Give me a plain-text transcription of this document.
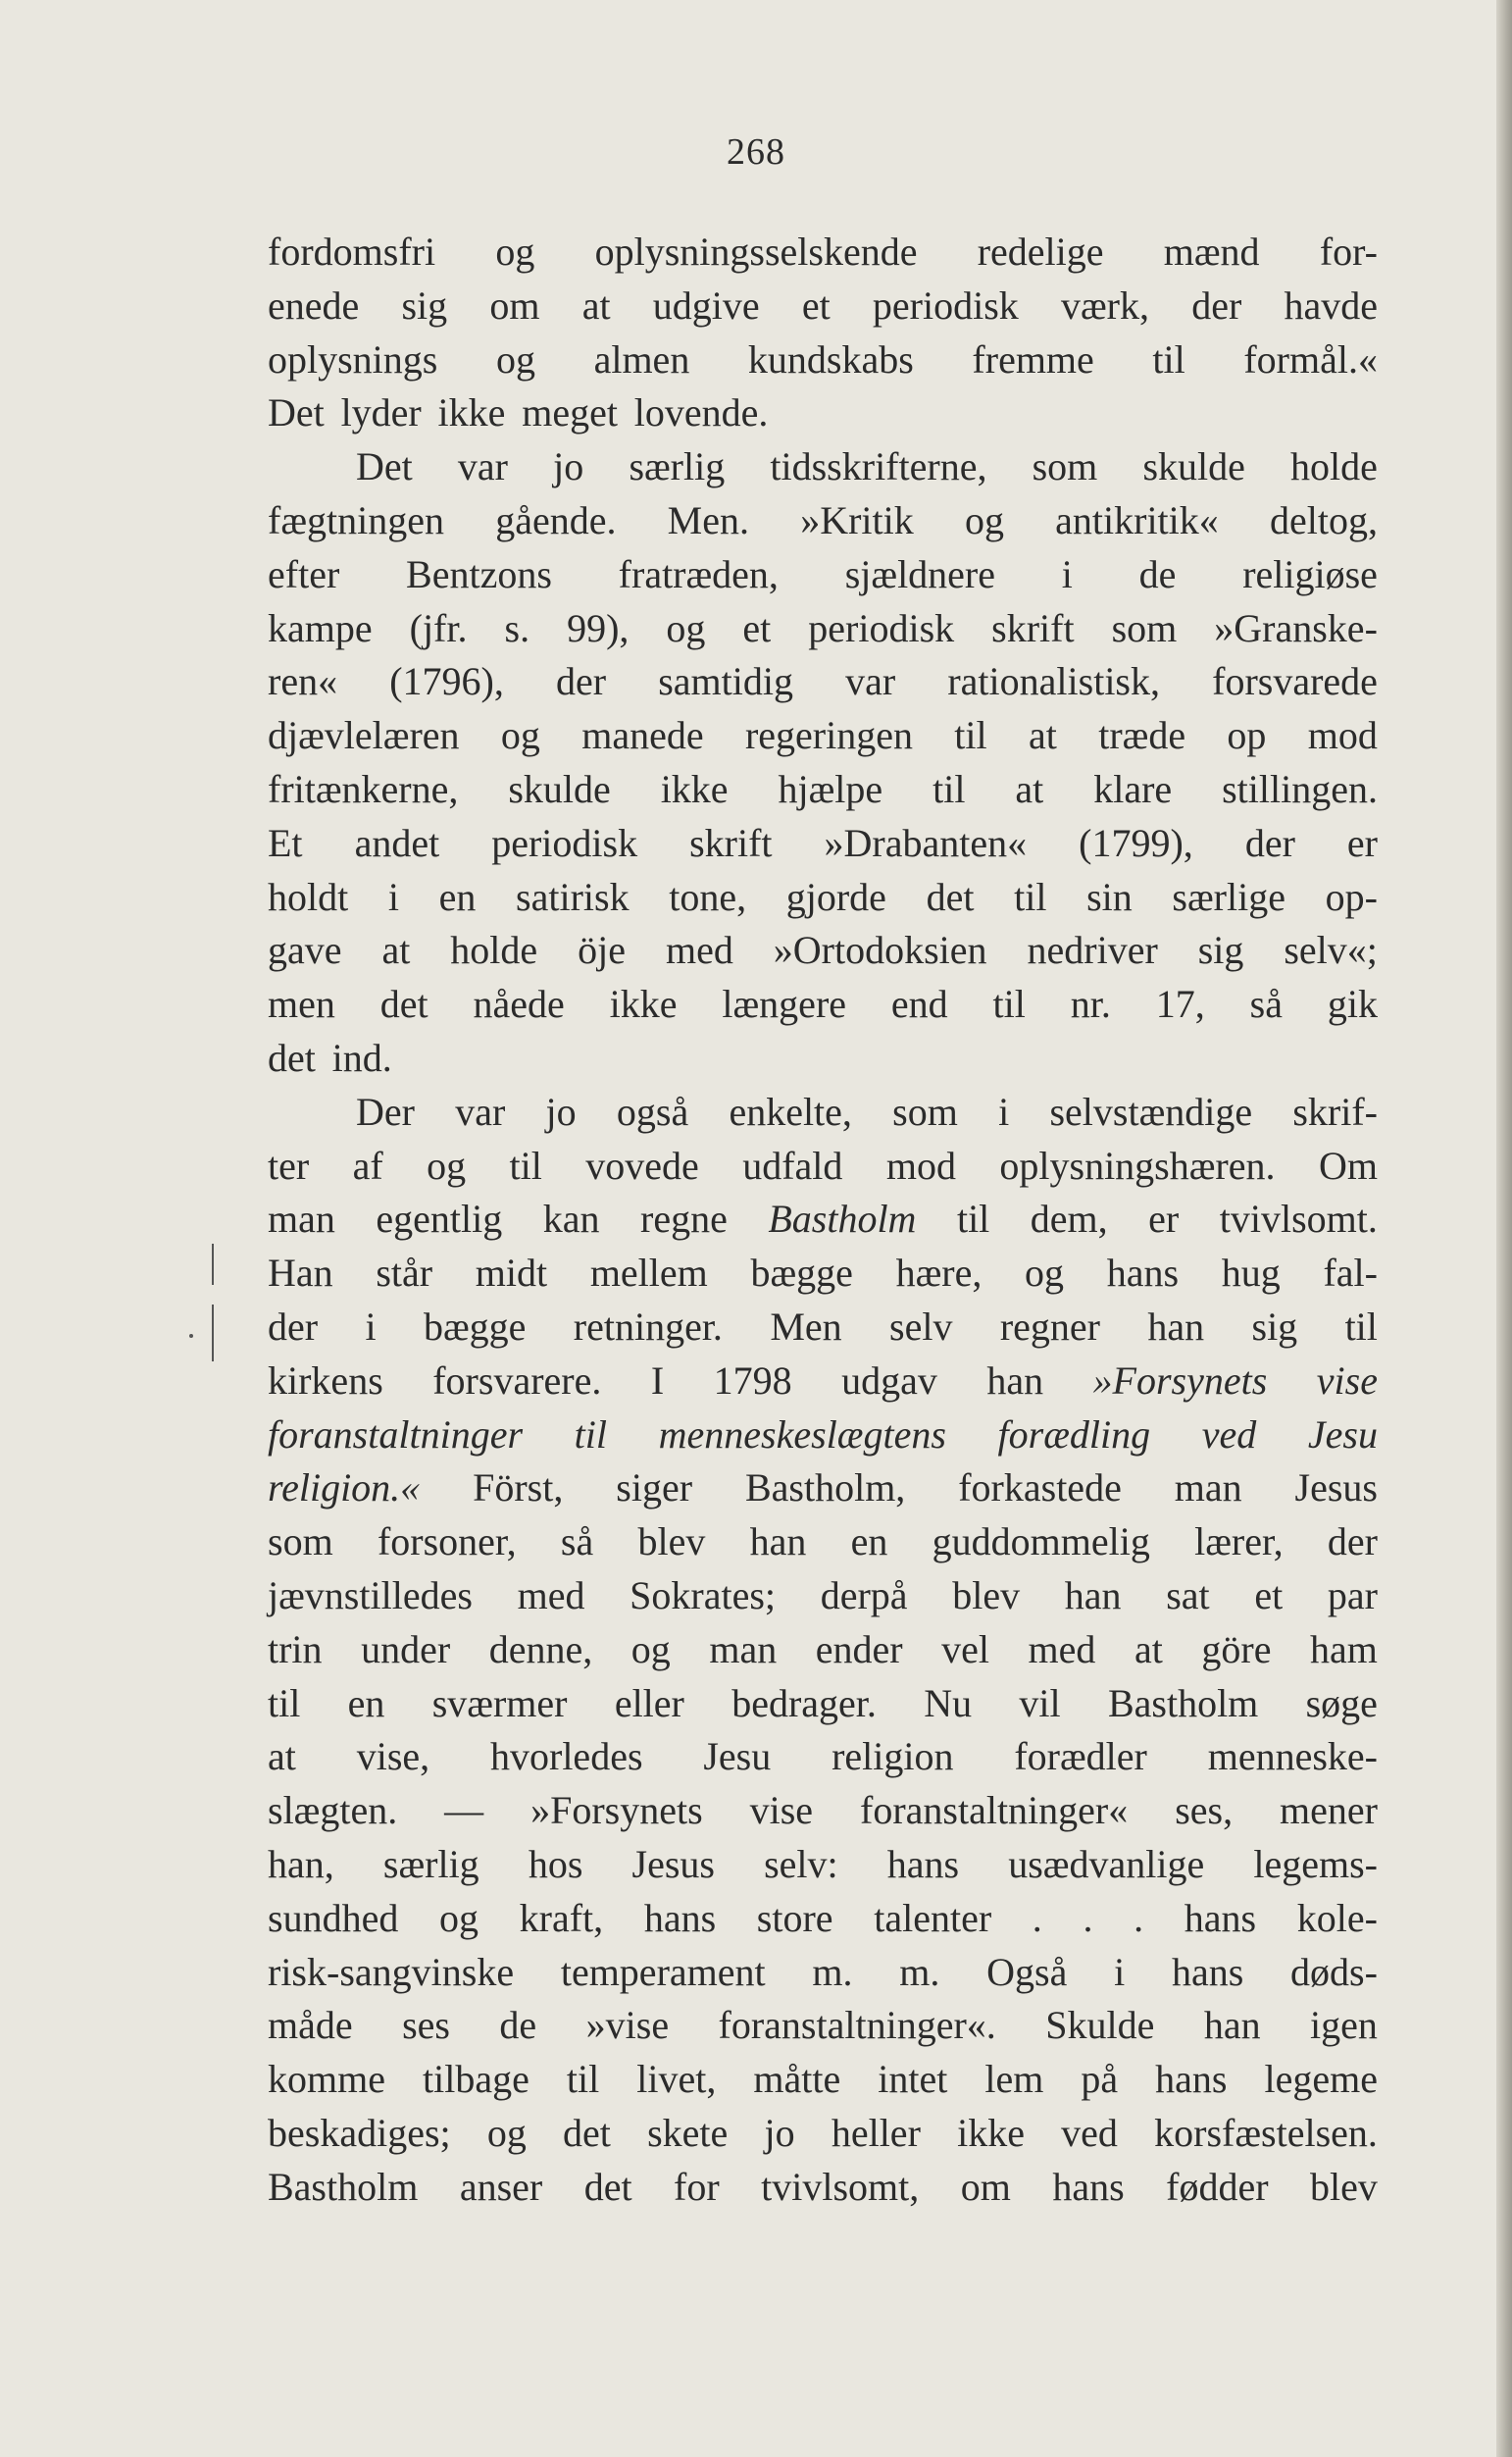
268
fordomsfri og oplysningsselskende redelige mænd for-
enede sig om at udgive et periodisk værk, der havde
oplysnings og almen kundskabs fremme til formål.«
Det lyder ikke meget lovende.
Det var jo særlig tidsskrifterne, som skulde holde
fægtningen gående. Men. »Kritik og antikritik« deltog,
efter Bentzons fratræden, sjældnere i de religiøse
kampe (jfr. s. 99), og et periodisk skrift som »Granske-
ren« (1796), der samtidig var rationalistisk, forsvarede
djævlelæren og manede regeringen til at træde op mod
fritænkerne, skulde ikke hjælpe til at klare stillingen.
Et andet periodisk skrift »Drabanten« (1799), der er
holdt i en satirisk tone, gjorde det til sin særlige op-
gave at holde öje med »Ortodoksien nedriver sig selv«;
men det nåede ikke længere end til nr. 17, så gik
det ind.
Der var jo også enkelte, som i selvstændige skrif-
ter af og til vovede udfald mod oplysningshæren. Om
man egentlig kan regne Bastholm til dem, er tvivlsomt.
Han står midt mellem bægge hære, og hans hug fal-
der i bægge retninger. Men selv regner han sig til
kirkens forsvarere. I 1798 udgav han »Forsynets vise
foranstaltninger til menneskeslægtens forædling ved Jesu
religion.« Först, siger Bastholm, forkastede man Jesus
som forsoner, så blev han en guddommelig lærer, der
jævnstilledes med Sokrates; derpå blev han sat et par
trin under denne, og man ender vel med at göre ham
til en sværmer eller bedrager. Nu vil Bastholm søge
at vise, hvorledes Jesu religion forædler menneske-
slægten. — »Forsynets vise foranstaltninger« ses, mener
han, særlig hos Jesus selv: hans usædvanlige legems-
sundhed og kraft, hans store talenter . . . hans kole-
risk-sangvinske temperament m. m. Også i hans døds-
måde ses de »vise foranstaltninger«. Skulde han igen
komme tilbage til livet, måtte intet lem på hans legeme
beskadiges; og det skete jo heller ikke ved korsfæstelsen.
Bastholm anser det for tvivlsomt, om hans fødder blev
